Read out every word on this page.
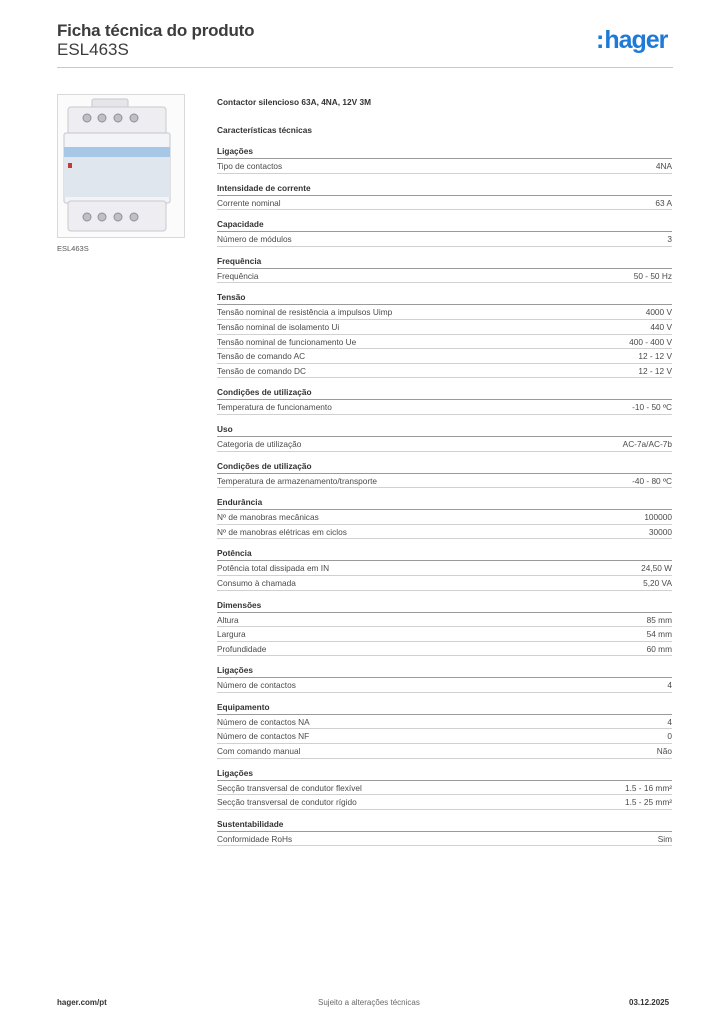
Ficha técnica do produto
ESL463S	:hager
ESL463S
Contactor silencioso 63A, 4NA, 12V 3M
Características técnicas
Ligações
Tipo de contactos	4NA
Intensidade de corrente
Corrente nominal	63 A
Capacidade
Número de módulos	3
Frequência
Frequência	50 - 50 Hz
Tensão
Tensão nominal de resistência a impulsos Uimp	4000 V
Tensão nominal de isolamento Ui	440 V
Tensão nominal de funcionamento Ue	400 - 400 V
Tensão de comando AC	12 - 12 V
Tensão de comando DC	12 - 12 V
Condições de utilização
Temperatura de funcionamento	-10 - 50 ºC
Uso
Categoria de utilização	AC-7a/AC-7b
Condições de utilização
Temperatura de armazenamento/transporte	-40 - 80 ºC
Endurância
Nº de manobras mecânicas	100000
Nº de manobras elétricas em ciclos	30000
Potência
Potência total dissipada em IN	24,50 W
Consumo à chamada	5,20 VA
Dimensões
Altura	85 mm
Largura	54 mm
Profundidade	60 mm
Ligações
Número de contactos	4
Equipamento
Número de contactos NA	4
Número de contactos NF	0
Com comando manual	Não
Ligações
Secção transversal de condutor flexível	1.5 - 16 mm²
Secção transversal de condutor rígido	1.5 - 25 mm²
Sustentabilidade
Conformidade RoHs	Sim
hager.com/pt	Sujeito a alterações técnicas	03.12.2025
